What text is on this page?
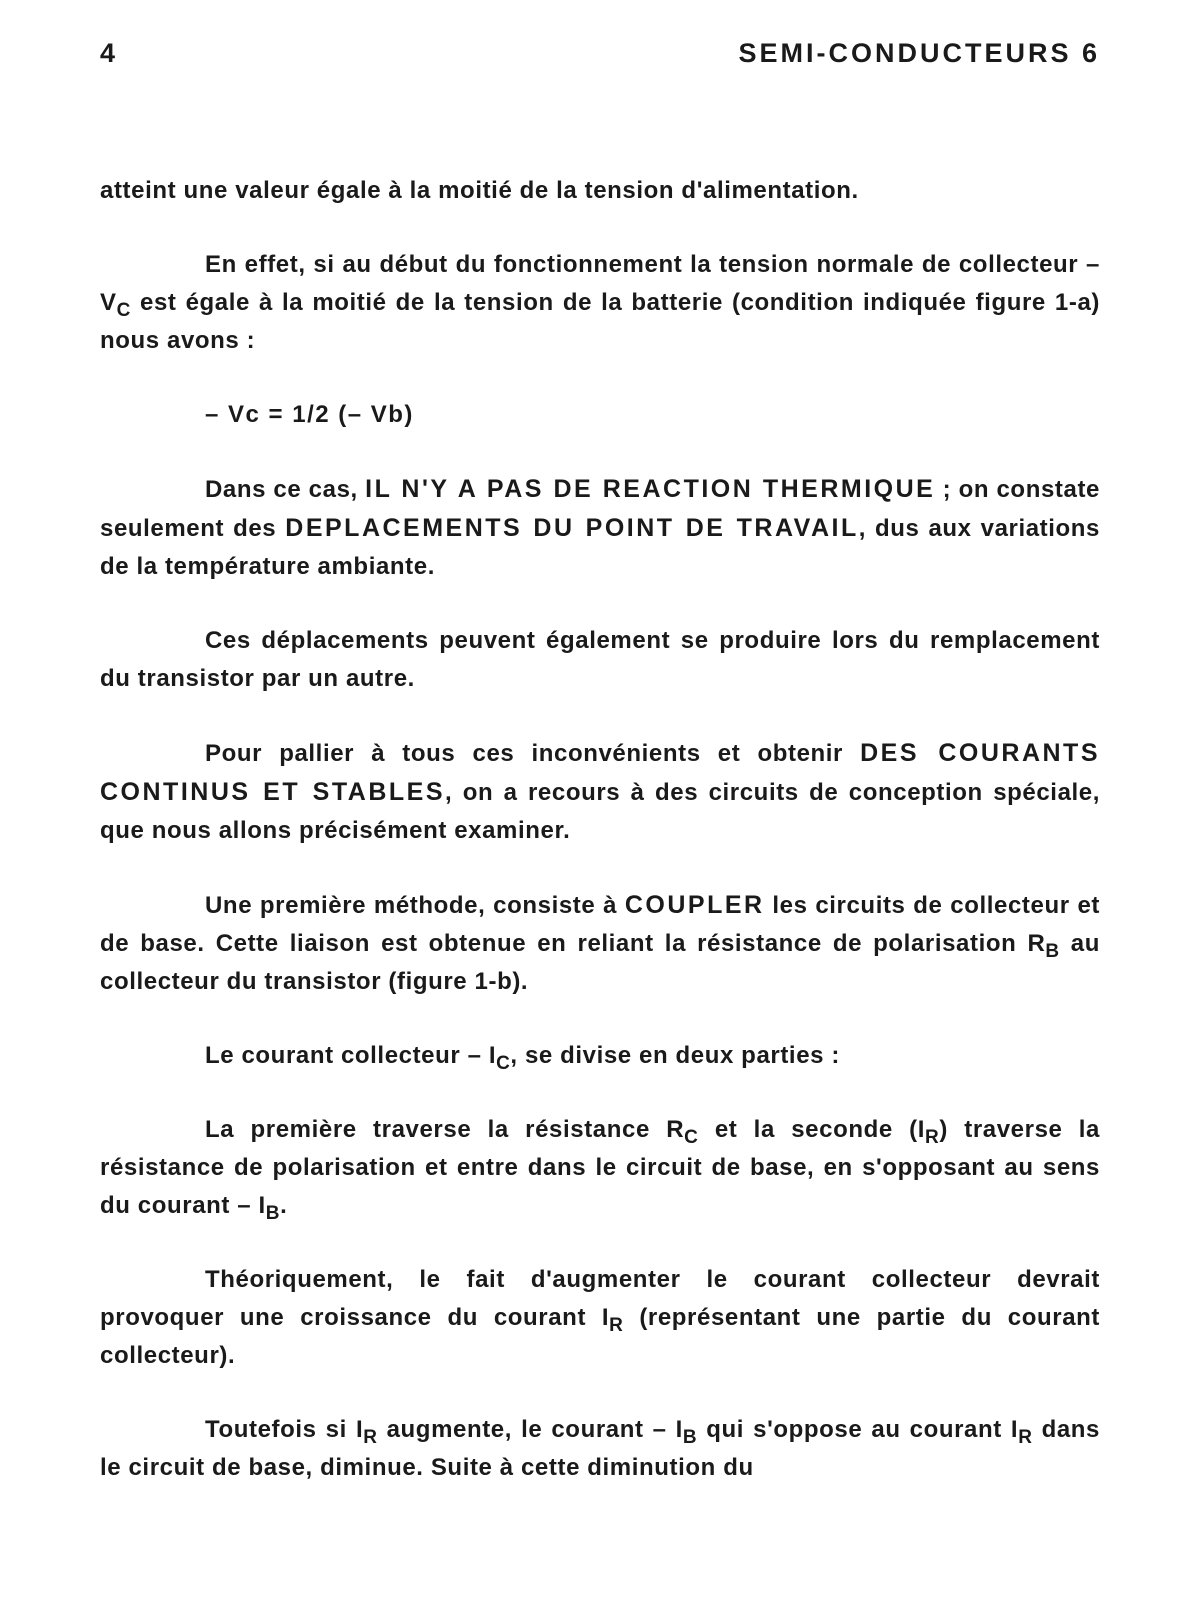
4	SEMI-CONDUCTEURS 6

atteint une valeur égale à la moitié de la tension d'alimentation.

En effet, si au début du fonctionnement la tension normale de collecteur – $V_C$ est égale à la moitié de la tension de la batterie (condition indiquée figure 1-a) nous avons :

– Vc = 1/2 (– Vb)

Dans ce cas, IL N'Y A PAS DE REACTION THERMIQUE ; on constate seulement des DEPLACEMENTS DU POINT DE TRAVAIL, dus aux variations de la température ambiante.

Ces déplacements peuvent également se produire lors du remplacement du transistor par un autre.

Pour pallier à tous ces inconvénients et obtenir DES COURANTS CONTINUS ET STABLES, on a recours à des circuits de conception spéciale, que nous allons précisément examiner.

Une première méthode, consiste à COUPLER les circuits de collecteur et de base. Cette liaison est obtenue en reliant la résistance de polarisation $R_B$ au collecteur du transistor (figure 1-b).

Le courant collecteur – $I_C$, se divise en deux parties :

La première traverse la résistance $R_C$ et la seconde $(I_R)$ traverse la résistance de polarisation et entre dans le circuit de base, en s'opposant au sens du courant – $I_B$.

Théoriquement, le fait d'augmenter le courant collecteur devrait provoquer une croissance du courant $I_R$ (représentant une partie du courant collecteur).

Toutefois si $I_R$ augmente, le courant – $I_B$ qui s'oppose au courant $I_R$ dans le circuit de base, diminue. Suite à cette diminution du
